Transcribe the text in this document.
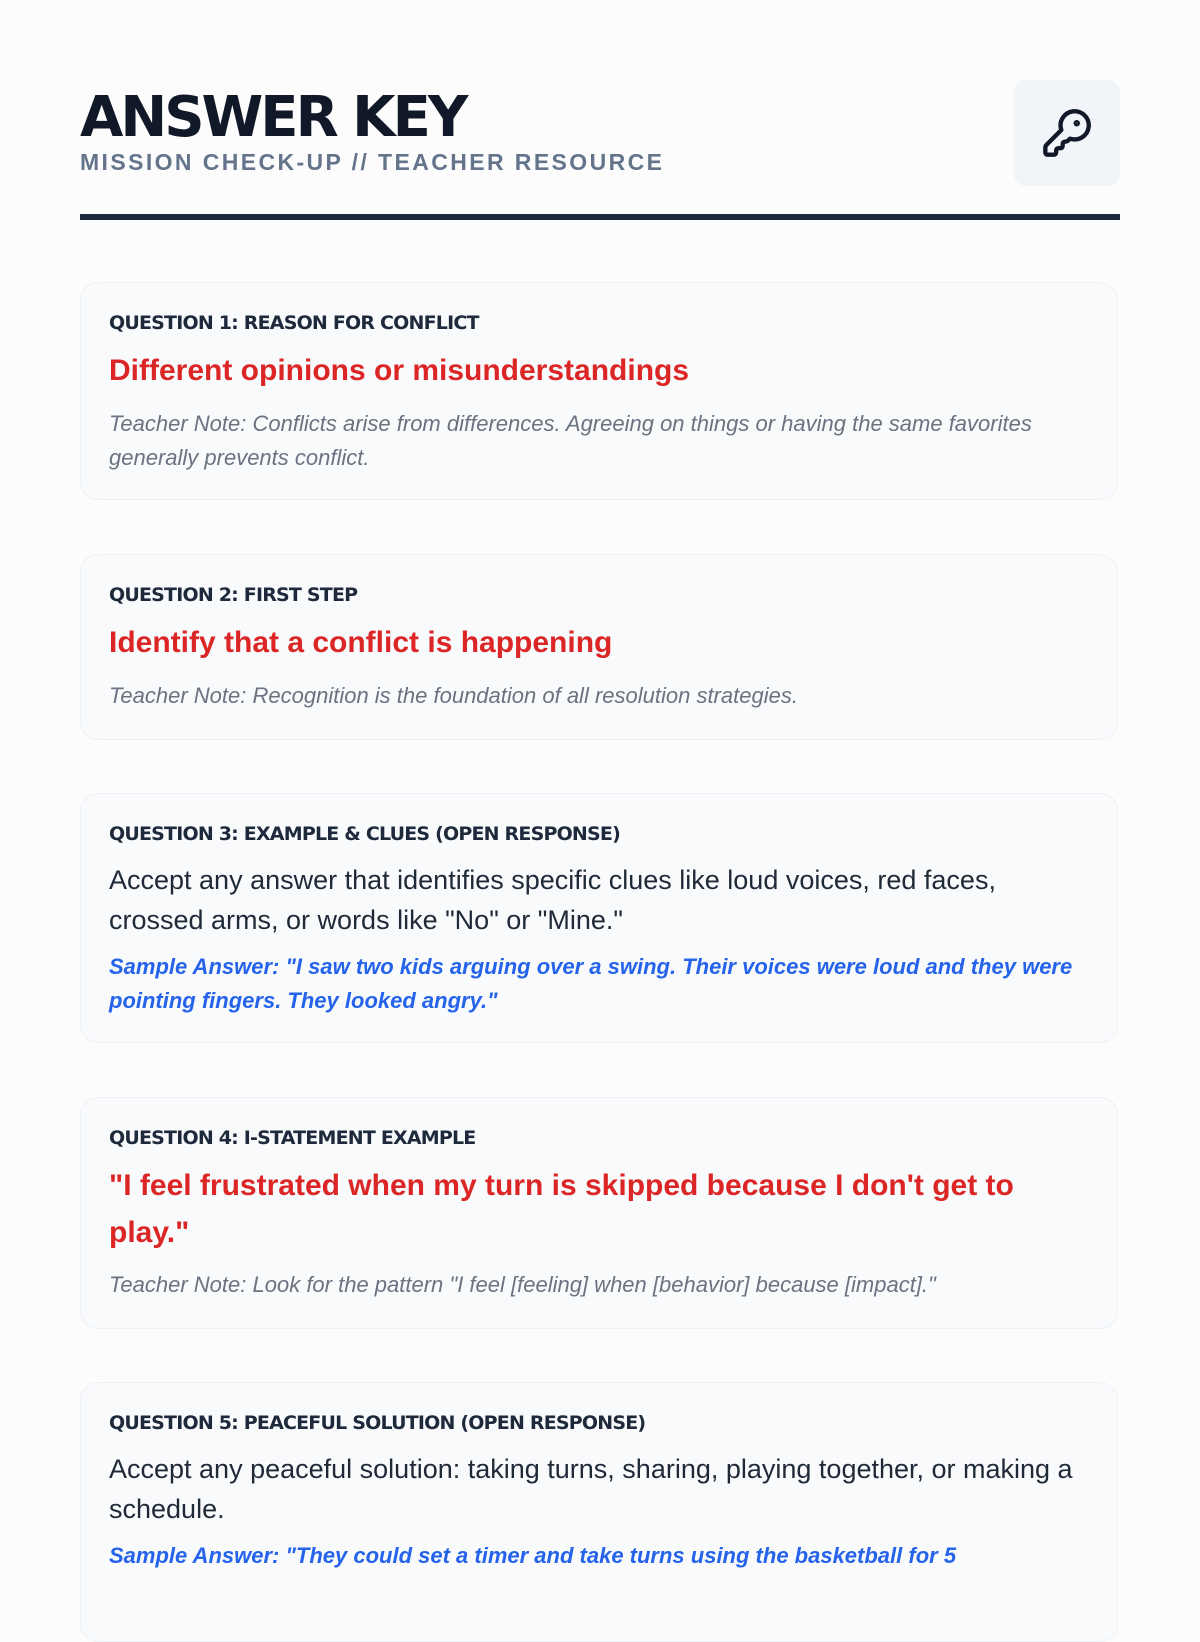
ANSWER KEY
MISSION CHECK-UP // TEACHER RESOURCE
QUESTION 1: REASON FOR CONFLICT
Different opinions or misunderstandings
Teacher Note: Conflicts arise from differences. Agreeing on things or having the same favorites generally prevents conflict.
QUESTION 2: FIRST STEP
Identify that a conflict is happening
Teacher Note: Recognition is the foundation of all resolution strategies.
QUESTION 3: EXAMPLE & CLUES (OPEN RESPONSE)
Accept any answer that identifies specific clues like loud voices, red faces, crossed arms, or words like "No" or "Mine."
Sample Answer: "I saw two kids arguing over a swing. Their voices were loud and they were pointing fingers. They looked angry."
QUESTION 4: I-STATEMENT EXAMPLE
"I feel frustrated when my turn is skipped because I don't get to play."
Teacher Note: Look for the pattern "I feel [feeling] when [behavior] because [impact]."
QUESTION 5: PEACEFUL SOLUTION (OPEN RESPONSE)
Accept any peaceful solution: taking turns, sharing, playing together, or making a schedule.
Sample Answer: "They could set a timer and take turns using the basketball for 5
